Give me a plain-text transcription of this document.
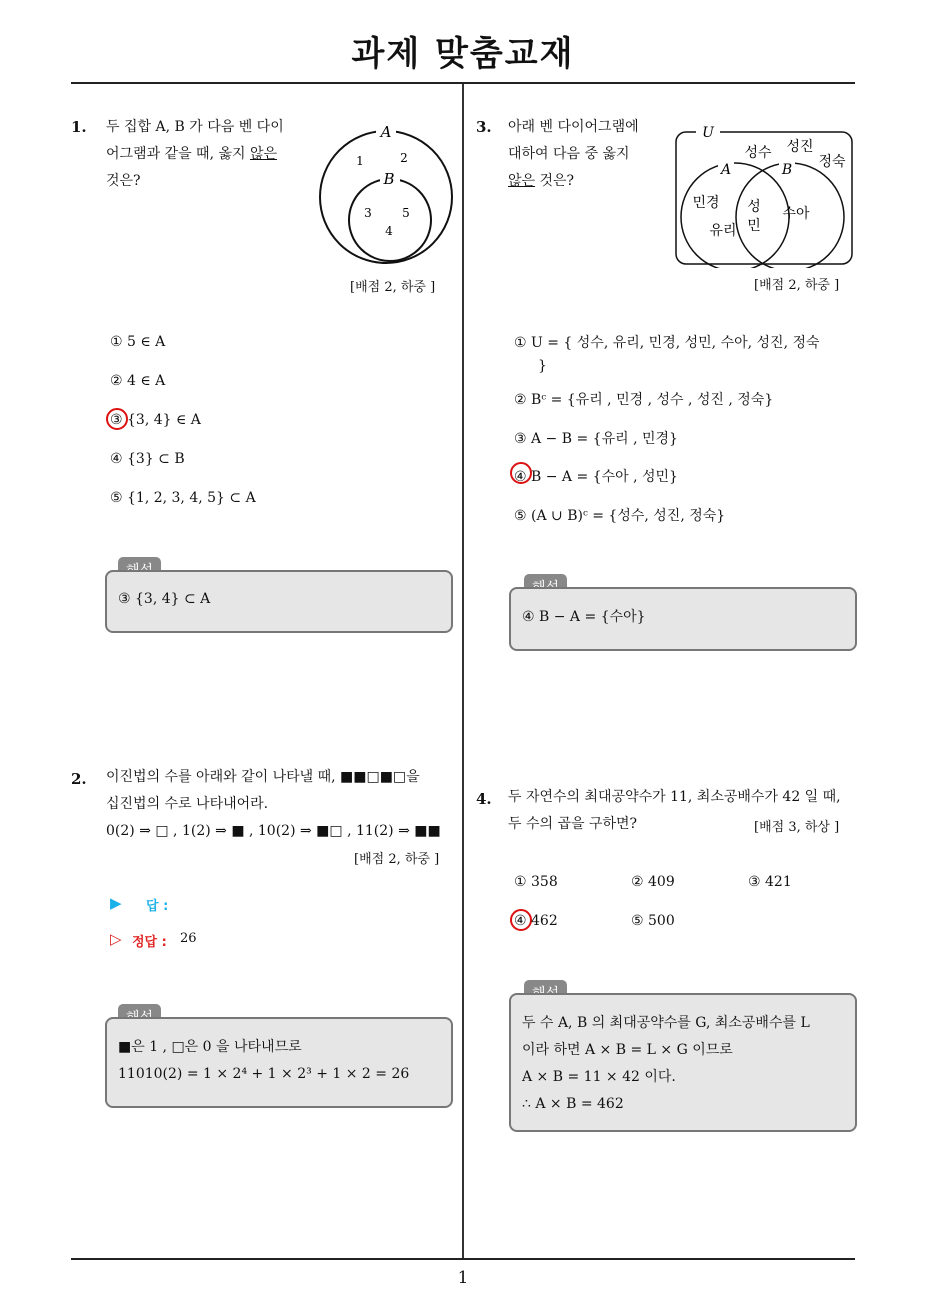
과제 맞춤교재
1
1. 두 집합 A, B 가 다음 벤 다이
어그램과 같을 때, 옳지 않은
것은?
A
B
1	2
3	5
4
[배점 2, 하중 ]
① 5 ∈ A
② 4 ∈ A
③ {3, 4} ∈ A
④ {3} ⊂ B
⑤ {1, 2, 3, 4, 5} ⊂ A
③ {3, 4} ⊂ A
2. 이진법의 수를 아래와 같이 나타낼 때, ■■□■□을
십진법의 수로 나타내어라.
0(2) ⇒ □ , 1(2) ⇒ ■ , 10(2) ⇒ ■□ , 11(2) ⇒ ■■
[배점 2, 하중 ]
▶ 답 :
▷ 정답 : 26
■은 1 , □은 0 을 나타내므로
11010(2) = 1 × 2⁴ + 1 × 2³ + 1 × 2 = 26
3. 아래 벤 다이어그램에
대하여 다음 중 옳지
않은 것은?
U
A	B
성수 성진
정숙
민경
유리
성
민
수아
[배점 2, 하중 ]
① U = { 성수, 유리, 민경, 성민, 수아, 성진, 정숙
}
② Bᶜ = {유리 , 민경 , 성수 , 성진 , 정숙}
③ A − B = {유리 , 민경}
④ B − A = {수아 , 성민}
⑤ (A ∪ B)ᶜ = {성수, 성진, 정숙}
④ B − A = {수아}
4. 두 자연수의 최대공약수가 11, 최소공배수가 42 일 때,
두 수의 곱을 구하면?	[배점 3, 하상 ]
① 358	② 409	③ 421
④ 462	⑤ 500
두 수 A, B 의 최대공약수를 G, 최소공배수를 L
이라 하면 A × B = L × G 이므로
A × B = 11 × 42 이다.
∴ A × B = 462
